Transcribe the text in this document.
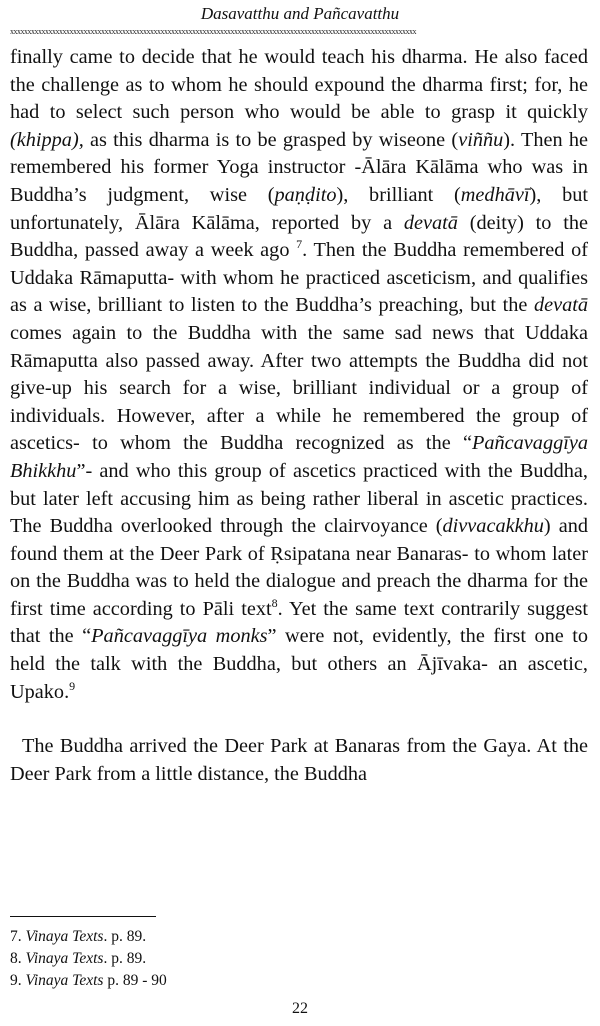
Dasavatthu and Pañcavatthu
xxxxxxxxxxxxxxxxxxxxxxxxxxxxxxxxxxxxxxxxxxxxxxxxxxxxxxxxxxxxxxxxxxxxxxxxxxxxxxxxxxxxxxxxxxxxxxxxxxxxxxxxxxxxxxxxxxxx

finally came to decide that he would teach his dharma. He also faced the challenge as to whom he should expound the dharma first; for, he had to select such person who would be able to grasp it quickly (khippa), as this dharma is to be grasped by wiseone (viññu). Then he remembered his former Yoga instructor -Ālāra Kālāma who was in Buddha’s judgment, wise (paṇḍito), brilliant (medhāvī), but unfortunately, Ālāra Kālāma, reported by a devatā (deity) to the Buddha, passed away a week ago $^7$. Then the Buddha remembered of Uddaka Rāmaputta- with whom he practiced asceticism, and qualifies as a wise, brilliant to listen to the Buddha’s preaching, but the devatā comes again to the Buddha with the same sad news that Uddaka Rāmaputta also passed away. After two attempts the Buddha did not give-up his search for a wise, brilliant individual or a group of individuals. However, after a while he remembered the group of ascetics- to whom the Buddha recognized as the “Pañcavaggīya Bhikkhu”- and who this group of ascetics practiced with the Buddha, but later left accusing him as being rather liberal in ascetic practices. The Buddha overlooked through the clairvoyance (divvacakkhu) and found them at the Deer Park of Ṛsipatana near Banaras- to whom later on the Buddha was to held the dialogue and preach the dharma for the first time according to Pāli text$^8$. Yet the same text contrarily suggest that the “Pañcavaggīya monks” were not, evidently, the first one to held the talk with the Buddha, but others an Ājīvaka- an ascetic, Upako.$^9$

The Buddha arrived the Deer Park at Banaras from the Gaya. At the Deer Park from a little distance, the Buddha

7. Vinaya Texts. p. 89.
8. Vinaya Texts. p. 89.
9. Vinaya Texts p. 89 - 90
22
